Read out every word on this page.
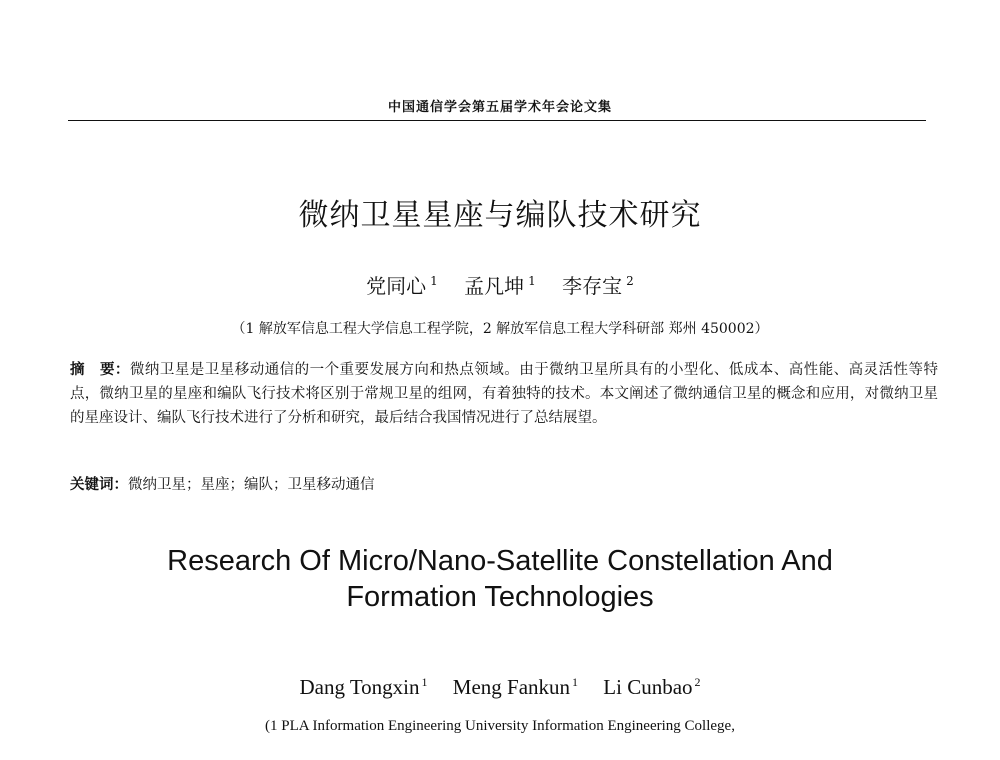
中国通信学会第五届学术年会论文集
微纳卫星星座与编队技术研究
党同心 $^1$ 孟凡坤 $^1$ 李存宝 $^2$
（1 解放军信息工程大学信息工程学院，2 解放军信息工程大学科研部 郑州 450002）
摘　要：微纳卫星是卫星移动通信的一个重要发展方向和热点领域。由于微纳卫星所具有的小型化、低成本、高性能、高灵活性等特点，微纳卫星的星座和编队飞行技术将区别于常规卫星的组网，有着独特的技术。本文阐述了微纳通信卫星的概念和应用，对微纳卫星的星座设计、编队飞行技术进行了分析和研究，最后结合我国情况进行了总结展望。
关键词：微纳卫星；星座；编队；卫星移动通信
Research Of Micro/Nano-Satellite Constellation And
Formation Technologies
Dang Tongxin $^1$ Meng Fankun $^1$ Li Cunbao $^2$
(1 PLA Information Engineering University Information Engineering College,
